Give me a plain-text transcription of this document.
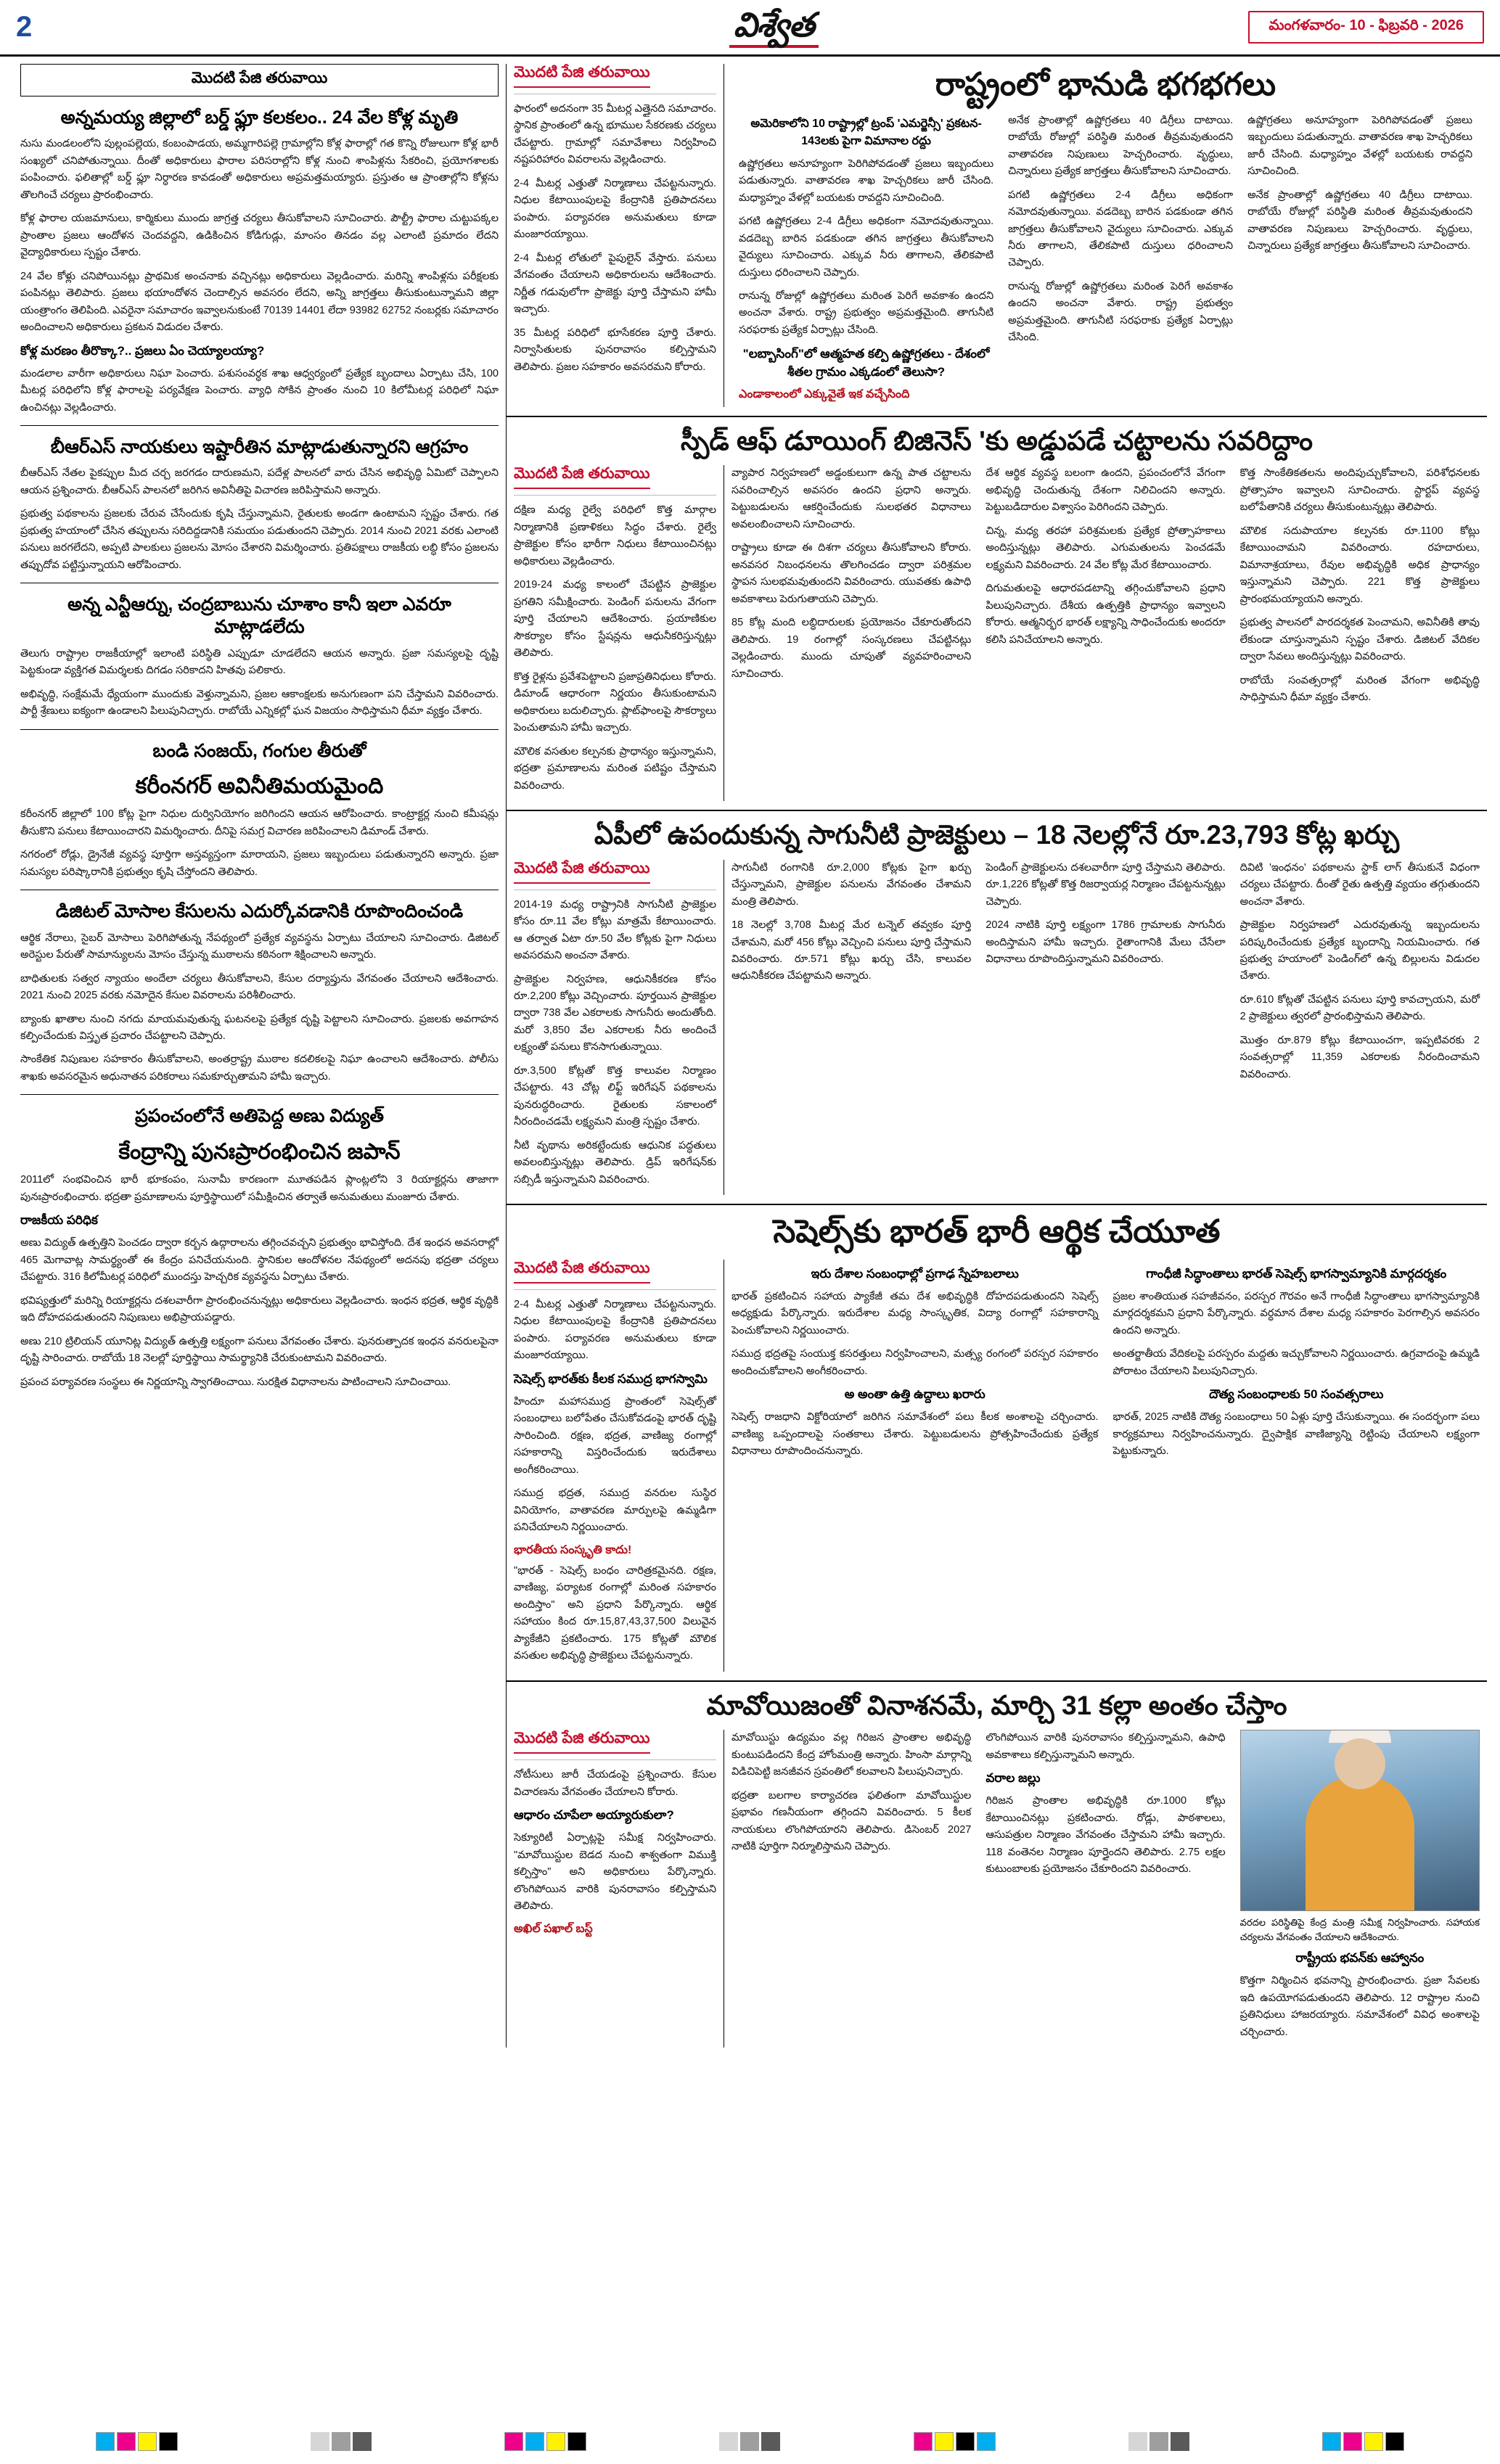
2	విశ్వేత	మంగళవారం- 10 - ఫిబ్రవరి - 2026
మొదటి పేజి తరువాయి
అన్నమయ్య జిల్లాలో బర్డ్ ఫ్లూ కలకలం.. 24 వేల కోళ్ల మృతి

నుసు మండలంలోని పుల్లంపల్లెయ, కంబంపాడయ, అమ్మగారిపల్లె గ్రామాల్లోని కోళ్ల ఫారాల్లో గత కొన్ని రోజులుగా కోళ్ల భారీ సంఖ్యలో చనిపోతున్నాయి. దీంతో అధికారులు ఫారాల పరిసరాల్లోని కోళ్ల నుంచి శాంపిళ్లను సేకరించి, ప్రయోగశాలకు పంపించారు. ఫలితాల్లో బర్డ్ ఫ్లూ నిర్ధారణ కావడంతో అధికారులు అప్రమత్తమయ్యారు. ప్రస్తుతం ఆ ప్రాంతాల్లోని కోళ్లను తొలగించే చర్యలు ప్రారంభించారు.

కోళ్ల ఫారాల యజమానులు, కార్మికులు ముందు జాగ్రత్త చర్యలు తీసుకోవాలని సూచించారు. పౌల్ట్రీ ఫారాల చుట్టుపక్కల ప్రాంతాల ప్రజలు ఆందోళన చెందవద్దని, ఉడికించిన కోడిగుడ్లు, మాంసం తినడం వల్ల ఎలాంటి ప్రమాదం లేదని వైద్యాధికారులు స్పష్టం చేశారు.

24 వేల కోళ్లు చనిపోయినట్లు ప్రాథమిక అంచనాకు వచ్చినట్లు అధికారులు వెల్లడించారు. మరిన్ని శాంపిళ్లను పరీక్షలకు పంపినట్లు తెలిపారు. ప్రజలు భయాందోళన చెందాల్సిన అవసరం లేదని, అన్ని జాగ్రత్తలు తీసుకుంటున్నామని జిల్లా యంత్రాంగం తెలిపింది. ఎవరైనా సమాచారం ఇవ్వాలనుకుంటే 70139 14401 లేదా 93982 62752 నంబర్లకు సమాచారం అందించాలని అధికారులు ప్రకటన విడుదల చేశారు.

కోళ్ల మరణం తీరొక్కా?.. ప్రజలు ఏం చెయ్యాలయ్యా?

మండలాల వారీగా అధికారులు నిఘా పెంచారు. పశుసంవర్ధక శాఖ ఆధ్వర్యంలో ప్రత్యేక బృందాలు ఏర్పాటు చేసి, 100 మీటర్ల పరిధిలోని కోళ్ల ఫారాలపై పర్యవేక్షణ పెంచారు. వ్యాధి సోకిన ప్రాంతం నుంచి 10 కిలోమీటర్ల పరిధిలో నిఘా ఉంచినట్లు వెల్లడించారు.

బీఆర్ఎస్ నాయకులు ఇష్టారీతిన మాట్లాడుతున్నారని ఆగ్రహం

బీఆర్ఎస్ నేతల పైకప్పుల మీద చర్చ జరగడం దారుణమని, పదేళ్ల పాలనలో వారు చేసిన అభివృద్ధి ఏమిటో చెప్పాలని ఆయన ప్రశ్నించారు. బీఆర్ఎస్ పాలనలో జరిగిన అవినీతిపై విచారణ జరిపిస్తామని అన్నారు.

ప్రభుత్వ పథకాలను ప్రజలకు చేరువ చేసేందుకు కృషి చేస్తున్నామని, రైతులకు అండగా ఉంటామని స్పష్టం చేశారు. గత ప్రభుత్వ హయాంలో చేసిన తప్పులను సరిదిద్దడానికి సమయం పడుతుందని చెప్పారు. 2014 నుంచి 2021 వరకు ఎలాంటి పనులు జరగలేదని, అప్పటి పాలకులు ప్రజలను మోసం చేశారని విమర్శించారు. ప్రతిపక్షాలు రాజకీయ లబ్ధి కోసం ప్రజలను తప్పుదోవ పట్టిస్తున్నాయని ఆరోపించారు.

అన్న ఎన్టీఆర్ను, చంద్రబాబును చూశాం కానీ ఇలా ఎవరూ మాట్లాడలేదు

తెలుగు రాష్ట్రాల రాజకీయాల్లో ఇలాంటి పరిస్థితి ఎప్పుడూ చూడలేదని ఆయన అన్నారు. ప్రజా సమస్యలపై దృష్టి పెట్టకుండా వ్యక్తిగత విమర్శలకు దిగడం సరికాదని హితవు పలికారు.

అభివృద్ధి, సంక్షేమమే ధ్యేయంగా ముందుకు వెళ్తున్నామని, ప్రజల ఆకాంక్షలకు అనుగుణంగా పని చేస్తామని వివరించారు. పార్టీ శ్రేణులు ఐక్యంగా ఉండాలని పిలుపునిచ్చారు. రాబోయే ఎన్నికల్లో ఘన విజయం సాధిస్తామని ధీమా వ్యక్తం చేశారు.

బండి సంజయ్, గంగుల తీరుతో
కరీంనగర్ అవినీతిమయమైంది

కరీంనగర్ జిల్లాలో 100 కోట్ల పైగా నిధుల దుర్వినియోగం జరిగిందని ఆయన ఆరోపించారు. కాంట్రాక్టర్ల నుంచి కమీషన్లు తీసుకొని పనులు కేటాయించారని విమర్శించారు. దీనిపై సమగ్ర విచారణ జరిపించాలని డిమాండ్ చేశారు.

నగరంలో రోడ్లు, డ్రైనేజీ వ్యవస్థ పూర్తిగా అస్తవ్యస్తంగా మారాయని, ప్రజలు ఇబ్బందులు పడుతున్నారని అన్నారు. ప్రజా సమస్యల పరిష్కారానికి ప్రభుత్వం కృషి చేస్తోందని తెలిపారు.

డిజిటల్ మోసాల కేసులను ఎదుర్కోవడానికి రూపొందించండి

ఆర్థిక నేరాలు, సైబర్ మోసాలు పెరిగిపోతున్న నేపథ్యంలో ప్రత్యేక వ్యవస్థను ఏర్పాటు చేయాలని సూచించారు. డిజిటల్ అరెస్టుల పేరుతో సామాన్యులను మోసం చేస్తున్న ముఠాలను కఠినంగా శిక్షించాలని అన్నారు.

బాధితులకు సత్వర న్యాయం అందేలా చర్యలు తీసుకోవాలని, కేసుల దర్యాప్తును వేగవంతం చేయాలని ఆదేశించారు. 2021 నుంచి 2025 వరకు నమోదైన కేసుల వివరాలను పరిశీలించారు.

బ్యాంకు ఖాతాల నుంచి నగదు మాయమవుతున్న ఘటనలపై ప్రత్యేక దృష్టి పెట్టాలని సూచించారు. ప్రజలకు అవగాహన కల్పించేందుకు విస్తృత ప్రచారం చేపట్టాలని చెప్పారు.

సాంకేతిక నిపుణుల సహకారం తీసుకోవాలని, అంతర్రాష్ట్ర ముఠాల కదలికలపై నిఘా ఉంచాలని ఆదేశించారు. పోలీసు శాఖకు అవసరమైన అధునాతన పరికరాలు సమకూర్చుతామని హామీ ఇచ్చారు.

ప్రపంచంలోనే అతిపెద్ద అణు విద్యుత్
కేంద్రాన్ని పునఃప్రారంభించిన జపాన్

2011లో సంభవించిన భారీ భూకంపం, సునామీ కారణంగా మూతపడిన ప్లాంట్లలోని 3 రియాక్టర్లను తాజాగా పునఃప్రారంభించారు. భద్రతా ప్రమాణాలను పూర్తిస్థాయిలో సమీక్షించిన తర్వాతే అనుమతులు మంజూరు చేశారు.

రాజకీయ పరిధిక

అణు విద్యుత్ ఉత్పత్తిని పెంచడం ద్వారా కర్బన ఉద్గారాలను తగ్గించవచ్చని ప్రభుత్వం భావిస్తోంది. దేశ ఇంధన అవసరాల్లో 465 మెగావాట్ల సామర్థ్యంతో ఈ కేంద్రం పనిచేయనుంది. స్థానికుల ఆందోళనల నేపథ్యంలో అదనపు భద్రతా చర్యలు చేపట్టారు. 316 కిలోమీటర్ల పరిధిలో ముందస్తు హెచ్చరిక వ్యవస్థను ఏర్పాటు చేశారు.

భవిష్యత్తులో మరిన్ని రియాక్టర్లను దశలవారీగా ప్రారంభించనున్నట్లు అధికారులు వెల్లడించారు. ఇంధన భద్రత, ఆర్థిక వృద్ధికి ఇది దోహదపడుతుందని నిపుణులు అభిప్రాయపడ్డారు.

అణు 210 ట్రిలియన్ యూనిట్ల విద్యుత్ ఉత్పత్తి లక్ష్యంగా పనులు వేగవంతం చేశారు. పునరుత్పాదక ఇంధన వనరులపైనా దృష్టి సారించారు. రాబోయే 18 నెలల్లో పూర్తిస్థాయి సామర్థ్యానికి చేరుకుంటామని వివరించారు.

ప్రపంచ పర్యావరణ సంస్థలు ఈ నిర్ణయాన్ని స్వాగతించాయి. సురక్షిత విధానాలను పాటించాలని సూచించాయి.

మొదటి పేజి తరువాయి

ఫారంలో అదనంగా 35 మీటర్ల ఎత్తైనది సమాచారం. స్థానిక ప్రాంతంలో ఉన్న భూముల సేకరణకు చర్యలు చేపట్టారు. గ్రామాల్లో సమావేశాలు నిర్వహించి నష్టపరిహారం వివరాలను వెల్లడించారు.

2-4 మీటర్ల ఎత్తుతో నిర్మాణాలు చేపట్టనున్నారు. నిధుల కేటాయింపులపై కేంద్రానికి ప్రతిపాదనలు పంపారు. పర్యావరణ అనుమతులు కూడా మంజూరయ్యాయి.

2-4 మీటర్ల లోతులో పైపులైన్ వేస్తారు. పనులు వేగవంతం చేయాలని అధికారులను ఆదేశించారు. నిర్ణీత గడువులోగా ప్రాజెక్టు పూర్తి చేస్తామని హామీ ఇచ్చారు.

35 మీటర్ల పరిధిలో భూసేకరణ పూర్తి చేశారు. నిర్వాసితులకు పునరావాసం కల్పిస్తామని తెలిపారు. ప్రజల సహకారం అవసరమని కోరారు.

రాష్ట్రంలో భానుడి భగభగలు
అమెరికాలోని 10 రాష్ట్రాల్లో ట్రంప్ 'ఎమర్జెన్సీ' ప్రకటన- 143లకు పైగా విమానాల రద్దు

ఉష్ణోగ్రతలు అనూహ్యంగా పెరిగిపోవడంతో ప్రజలు ఇబ్బందులు పడుతున్నారు. వాతావరణ శాఖ హెచ్చరికలు జారీ చేసింది. మధ్యాహ్నం వేళల్లో బయటకు రావద్దని సూచించింది.

పగటి ఉష్ణోగ్రతలు 2-4 డిగ్రీలు అధికంగా నమోదవుతున్నాయి. వడదెబ్బ బారిన పడకుండా తగిన జాగ్రత్తలు తీసుకోవాలని వైద్యులు సూచించారు. ఎక్కువ నీరు తాగాలని, తేలికపాటి దుస్తులు ధరించాలని చెప్పారు.

రానున్న రోజుల్లో ఉష్ణోగ్రతలు మరింత పెరిగే అవకాశం ఉందని అంచనా వేశారు. రాష్ట్ర ప్రభుత్వం అప్రమత్తమైంది. తాగునీటి సరఫరాకు ప్రత్యేక ఏర్పాట్లు చేసింది.

"లబ్బాసింగ్"లో ఆత్మహత కల్పి ఉష్ణోగ్రతలు - దేశంలో శీతల గ్రామం ఎక్కడంలో తెలుసా?
ఎండాకాలంలో ఎక్కువైతే ఇక వచ్చేసింది

అనేక ప్రాంతాల్లో ఉష్ణోగ్రతలు 40 డిగ్రీలు దాటాయి. రాబోయే రోజుల్లో పరిస్థితి మరింత తీవ్రమవుతుందని వాతావరణ నిపుణులు హెచ్చరించారు. వృద్ధులు, చిన్నారులు ప్రత్యేక జాగ్రత్తలు తీసుకోవాలని సూచించారు.

పగటి ఉష్ణోగ్రతలు 2-4 డిగ్రీలు అధికంగా నమోదవుతున్నాయి. వడదెబ్బ బారిన పడకుండా తగిన జాగ్రత్తలు తీసుకోవాలని వైద్యులు సూచించారు. ఎక్కువ నీరు తాగాలని, తేలికపాటి దుస్తులు ధరించాలని చెప్పారు.

రానున్న రోజుల్లో ఉష్ణోగ్రతలు మరింత పెరిగే అవకాశం ఉందని అంచనా వేశారు. రాష్ట్ర ప్రభుత్వం అప్రమత్తమైంది. తాగునీటి సరఫరాకు ప్రత్యేక ఏర్పాట్లు చేసింది.

ఉష్ణోగ్రతలు అనూహ్యంగా పెరిగిపోవడంతో ప్రజలు ఇబ్బందులు పడుతున్నారు. వాతావరణ శాఖ హెచ్చరికలు జారీ చేసింది. మధ్యాహ్నం వేళల్లో బయటకు రావద్దని సూచించింది.

అనేక ప్రాంతాల్లో ఉష్ణోగ్రతలు 40 డిగ్రీలు దాటాయి. రాబోయే రోజుల్లో పరిస్థితి మరింత తీవ్రమవుతుందని వాతావరణ నిపుణులు హెచ్చరించారు. వృద్ధులు, చిన్నారులు ప్రత్యేక జాగ్రత్తలు తీసుకోవాలని సూచించారు.

స్పీడ్ ఆఫ్ డూయింగ్ బిజినెస్ 'కు అడ్డుపడే చట్టాలను సవరిద్దాం
మొదటి పేజి తరువాయి

దక్షిణ మధ్య రైల్వే పరిధిలో కొత్త మార్గాల నిర్మాణానికి ప్రణాళికలు సిద్ధం చేశారు. రైల్వే ప్రాజెక్టుల కోసం భారీగా నిధులు కేటాయించినట్లు అధికారులు వెల్లడించారు.

2019-24 మధ్య కాలంలో చేపట్టిన ప్రాజెక్టుల ప్రగతిని సమీక్షించారు. పెండింగ్ పనులను వేగంగా పూర్తి చేయాలని ఆదేశించారు. ప్రయాణికుల సౌకర్యాల కోసం స్టేషన్లను ఆధునీకరిస్తున్నట్లు తెలిపారు.

కొత్త రైళ్లను ప్రవేశపెట్టాలని ప్రజాప్రతినిధులు కోరారు. డిమాండ్ ఆధారంగా నిర్ణయం తీసుకుంటామని అధికారులు బదులిచ్చారు. ప్లాట్‌ఫాంలపై సౌకర్యాలు పెంచుతామని హామీ ఇచ్చారు.

మౌలిక వసతుల కల్పనకు ప్రాధాన్యం ఇస్తున్నామని, భద్రతా ప్రమాణాలను మరింత పటిష్టం చేస్తామని వివరించారు.

వ్యాపార నిర్వహణలో అడ్డంకులుగా ఉన్న పాత చట్టాలను సవరించాల్సిన అవసరం ఉందని ప్రధాని అన్నారు. పెట్టుబడులను ఆకర్షించేందుకు సులభతర విధానాలు అవలంబించాలని సూచించారు.

రాష్ట్రాలు కూడా ఈ దిశగా చర్యలు తీసుకోవాలని కోరారు. అనవసర నిబంధనలను తొలగించడం ద్వారా పరిశ్రమల స్థాపన సులభమవుతుందని వివరించారు. యువతకు ఉపాధి అవకాశాలు పెరుగుతాయని చెప్పారు.

85 కోట్ల మంది లబ్ధిదారులకు ప్రయోజనం చేకూరుతోందని తెలిపారు. 19 రంగాల్లో సంస్కరణలు చేపట్టినట్లు వెల్లడించారు. ముందు చూపుతో వ్యవహరించాలని సూచించారు.

దేశ ఆర్థిక వ్యవస్థ బలంగా ఉందని, ప్రపంచంలోనే వేగంగా అభివృద్ధి చెందుతున్న దేశంగా నిలిచిందని అన్నారు. పెట్టుబడిదారుల విశ్వాసం పెరిగిందని చెప్పారు.

చిన్న, మధ్య తరహా పరిశ్రమలకు ప్రత్యేక ప్రోత్సాహకాలు అందిస్తున్నట్లు తెలిపారు. ఎగుమతులను పెంచడమే లక్ష్యమని వివరించారు. 24 వేల కోట్ల మేర కేటాయించారు.

దిగుమతులపై ఆధారపడటాన్ని తగ్గించుకోవాలని ప్రధాని పిలుపునిచ్చారు. దేశీయ ఉత్పత్తికి ప్రాధాన్యం ఇవ్వాలని కోరారు. ఆత్మనిర్భర భారత్ లక్ష్యాన్ని సాధించేందుకు అందరూ కలిసి పనిచేయాలని అన్నారు.

కొత్త సాంకేతికతలను అందిపుచ్చుకోవాలని, పరిశోధనలకు ప్రోత్సాహం ఇవ్వాలని సూచించారు. స్టార్టప్ వ్యవస్థ బలోపేతానికి చర్యలు తీసుకుంటున్నట్లు తెలిపారు.

మౌలిక సదుపాయాల కల్పనకు రూ.1100 కోట్లు కేటాయించామని వివరించారు. రహదారులు, విమానాశ్రయాలు, రేవుల అభివృద్ధికి అధిక ప్రాధాన్యం ఇస్తున్నామని చెప్పారు. 221 కొత్త ప్రాజెక్టులు ప్రారంభమయ్యాయని అన్నారు.

ప్రభుత్వ పాలనలో పారదర్శకత పెంచామని, అవినీతికి తావు లేకుండా చూస్తున్నామని స్పష్టం చేశారు. డిజిటల్ వేదికల ద్వారా సేవలు అందిస్తున్నట్లు వివరించారు.

రాబోయే సంవత్సరాల్లో మరింత వేగంగా అభివృద్ధి సాధిస్తామని ధీమా వ్యక్తం చేశారు.

ఏపీలో ఉపందుకున్న సాగునీటి ప్రాజెక్టులు – 18 నెలల్లోనే రూ.23,793 కోట్ల ఖర్చు
మొదటి పేజి తరువాయి

2014-19 మధ్య రాష్ట్రానికి సాగునీటి ప్రాజెక్టుల కోసం రూ.11 వేల కోట్లు మాత్రమే కేటాయించారు. ఆ తర్వాత ఏటా రూ.50 వేల కోట్లకు పైగా నిధులు అవసరమని అంచనా వేశారు.

ప్రాజెక్టుల నిర్వహణ, ఆధునికీకరణ కోసం రూ.2,200 కోట్లు వెచ్చించారు. పూర్తయిన ప్రాజెక్టుల ద్వారా 738 వేల ఎకరాలకు సాగునీరు అందుతోంది. మరో 3,850 వేల ఎకరాలకు నీరు అందించే లక్ష్యంతో పనులు కొనసాగుతున్నాయి.

రూ.3,500 కోట్లతో కొత్త కాలువల నిర్మాణం చేపట్టారు. 43 చోట్ల లిఫ్ట్ ఇరిగేషన్ పథకాలను పునరుద్ధరించారు. రైతులకు సకాలంలో నీరందించడమే లక్ష్యమని మంత్రి స్పష్టం చేశారు.

నీటి వృథాను అరికట్టేందుకు ఆధునిక పద్ధతులు అవలంబిస్తున్నట్లు తెలిపారు. డ్రిప్ ఇరిగేషన్‌కు సబ్సిడీ ఇస్తున్నామని వివరించారు.

సాగునీటి రంగానికి రూ.2,000 కోట్లకు పైగా ఖర్చు చేస్తున్నామని, ప్రాజెక్టుల పనులను వేగవంతం చేశామని మంత్రి తెలిపారు.

18 నెలల్లో 3,708 మీటర్ల మేర టన్నెల్ తవ్వకం పూర్తి చేశామని, మరో 456 కోట్లు వెచ్చించి పనులు పూర్తి చేస్తామని వివరించారు. రూ.571 కోట్లు ఖర్చు చేసి, కాలువల ఆధునికీకరణ చేపట్టామని అన్నారు.

పెండింగ్ ప్రాజెక్టులను దశలవారీగా పూర్తి చేస్తామని తెలిపారు. రూ.1,226 కోట్లతో కొత్త రిజర్వాయర్ల నిర్మాణం చేపట్టనున్నట్లు చెప్పారు.

2024 నాటికి పూర్తి లక్ష్యంగా 1786 గ్రామాలకు సాగునీరు అందిస్తామని హామీ ఇచ్చారు. రైతాంగానికి మేలు చేసేలా విధానాలు రూపొందిస్తున్నామని వివరించారు.

దివిటి 'ఇంధనం' పథకాలను స్టాక్ లాగ్ తీసుకునే విధంగా చర్యలు చేపట్టారు. దీంతో రైతు ఉత్పత్తి వ్యయం తగ్గుతుందని అంచనా వేశారు.

ప్రాజెక్టుల నిర్వహణలో ఎదురవుతున్న ఇబ్బందులను పరిష్కరించేందుకు ప్రత్యేక బృందాన్ని నియమించారు. గత ప్రభుత్వ హయాంలో పెండింగ్‌లో ఉన్న బిల్లులను విడుదల చేశారు.

రూ.610 కోట్లతో చేపట్టిన పనులు పూర్తి కావచ్చాయని, మరో 2 ప్రాజెక్టులు త్వరలో ప్రారంభిస్తామని తెలిపారు.

మొత్తం రూ.879 కోట్లు కేటాయించగా, ఇప్పటివరకు 2 సంవత్సరాల్లో 11,359 ఎకరాలకు నీరందించామని వివరించారు.

సెషెల్స్‌కు భారత్ భారీ ఆర్థిక చేయూత
మొదటి పేజి తరువాయి

2-4 మీటర్ల ఎత్తుతో నిర్మాణాలు చేపట్టనున్నారు. నిధుల కేటాయింపులపై కేంద్రానికి ప్రతిపాదనలు పంపారు. పర్యావరణ అనుమతులు కూడా మంజూరయ్యాయి.

సెషెల్స్ భారత్‌కు కీలక సముద్ర భాగస్వామి

హిందూ మహాసముద్ర ప్రాంతంలో సెషెల్స్‌తో సంబంధాలు బలోపేతం చేసుకోవడంపై భారత్ దృష్టి సారించింది. రక్షణ, భద్రత, వాణిజ్య రంగాల్లో సహకారాన్ని విస్తరించేందుకు ఇరుదేశాలు అంగీకరించాయి.

సముద్ర భద్రత, సముద్ర వనరుల సుస్థిర వినియోగం, వాతావరణ మార్పులపై ఉమ్మడిగా పనిచేయాలని నిర్ణయించారు.

భారతీయ సంస్కృతి కాదు!

"భారత్ - సెషెల్స్ బంధం చారిత్రకమైనది. రక్షణ, వాణిజ్య, పర్యాటక రంగాల్లో మరింత సహకారం అందిస్తాం" అని ప్రధాని పేర్కొన్నారు. ఆర్థిక సహాయం కింద రూ.15,87,43,37,500 విలువైన ప్యాకేజీని ప్రకటించారు. 175 కోట్లతో మౌలిక వసతుల అభివృద్ధి ప్రాజెక్టులు చేపట్టనున్నారు.

ఇరు దేశాల సంబంధాల్లో ప్రగాఢ స్నేహబలాలు

భారత్ ప్రకటించిన సహాయ ప్యాకేజీ తమ దేశ అభివృద్ధికి దోహదపడుతుందని సెషెల్స్ అధ్యక్షుడు పేర్కొన్నారు. ఇరుదేశాల మధ్య సాంస్కృతిక, విద్యా రంగాల్లో సహకారాన్ని పెంచుకోవాలని నిర్ణయించారు.

సముద్ర భద్రతపై సంయుక్త కసరత్తులు నిర్వహించాలని, మత్స్య రంగంలో పరస్పర సహకారం అందించుకోవాలని అంగీకరించారు.

అ అంతా ఉత్తి ఉద్దాలు ఖరారు

సెషెల్స్ రాజధాని విక్టోరియాలో జరిగిన సమావేశంలో పలు కీలక అంశాలపై చర్చించారు. వాణిజ్య ఒప్పందాలపై సంతకాలు చేశారు. పెట్టుబడులను ప్రోత్సహించేందుకు ప్రత్యేక విధానాలు రూపొందించనున్నారు.

గాంధీజీ సిద్ధాంతాలు భారత్ సెషెల్స్ భాగస్వామ్యానికి మార్గదర్శకం

ప్రజల శాంతియుత సహజీవనం, పరస్పర గౌరవం అనే గాంధీజీ సిద్ధాంతాలు భాగస్వామ్యానికి మార్గదర్శకమని ప్రధాని పేర్కొన్నారు. వర్ధమాన దేశాల మధ్య సహకారం పెరగాల్సిన అవసరం ఉందని అన్నారు.

అంతర్జాతీయ వేదికలపై పరస్పరం మద్దతు ఇచ్చుకోవాలని నిర్ణయించారు. ఉగ్రవాదంపై ఉమ్మడి పోరాటం చేయాలని పిలుపునిచ్చారు.

దౌత్య సంబంధాలకు 50 సంవత్సరాలు

భారత్, 2025 నాటికి దౌత్య సంబంధాలు 50 ఏళ్లు పూర్తి చేసుకున్నాయి. ఈ సందర్భంగా పలు కార్యక్రమాలు నిర్వహించనున్నారు. ద్వైపాక్షిక వాణిజ్యాన్ని రెట్టింపు చేయాలని లక్ష్యంగా పెట్టుకున్నారు.

మావోయిజంతో వినాశనమే, మార్చి 31 కల్లా అంతం చేస్తాం
మొదటి పేజి తరువాయి

నోటీసులు జారీ చేయడంపై ప్రశ్నించారు. కేసుల విచారణను వేగవంతం చేయాలని కోరారు.

ఆధారం చూపేలా అయ్యారుకులా?

సెక్యూరిటీ ఏర్పాట్లపై సమీక్ష నిర్వహించారు. "మావోయిస్టుల బెడద నుంచి శాశ్వతంగా విముక్తి కల్పిస్తాం" అని అధికారులు పేర్కొన్నారు. లొంగిపోయిన వారికి పునరావాసం కల్పిస్తామని తెలిపారు.

అఖిల్ పఖాల్ బస్ట్

మావోయిస్టు ఉద్యమం వల్ల గిరిజన ప్రాంతాల అభివృద్ధి కుంటుపడిందని కేంద్ర హోంమంత్రి అన్నారు. హింసా మార్గాన్ని విడిచిపెట్టి జనజీవన స్రవంతిలో కలవాలని పిలుపునిచ్చారు.

భద్రతా బలగాల కార్యాచరణ ఫలితంగా మావోయిస్టుల ప్రభావం గణనీయంగా తగ్గిందని వివరించారు. 5 కీలక నాయకులు లొంగిపోయారని తెలిపారు. డిసెంబర్ 2027 నాటికి పూర్తిగా నిర్మూలిస్తామని చెప్పారు.

లొంగిపోయిన వారికి పునరావాసం కల్పిస్తున్నామని, ఉపాధి అవకాశాలు కల్పిస్తున్నామని అన్నారు.

వరాల జల్లు

గిరిజన ప్రాంతాల అభివృద్ధికి రూ.1000 కోట్లు కేటాయించినట్లు ప్రకటించారు. రోడ్లు, పాఠశాలలు, ఆసుపత్రుల నిర్మాణం వేగవంతం చేస్తామని హామీ ఇచ్చారు. 118 వంతెనల నిర్మాణం పూర్తైందని తెలిపారు. 2.75 లక్షల కుటుంబాలకు ప్రయోజనం చేకూరిందని వివరించారు.

వరదల పరిస్థితిపై కేంద్ర మంత్రి సమీక్ష నిర్వహించారు. సహాయక చర్యలను వేగవంతం చేయాలని ఆదేశించారు.
రాష్ట్రీయ భవన్‌కు ఆహ్వానం

కొత్తగా నిర్మించిన భవనాన్ని ప్రారంభించారు. ప్రజా సేవలకు ఇది ఉపయోగపడుతుందని తెలిపారు. 12 రాష్ట్రాల నుంచి ప్రతినిధులు హాజరయ్యారు. సమావేశంలో వివిధ అంశాలపై చర్చించారు.
